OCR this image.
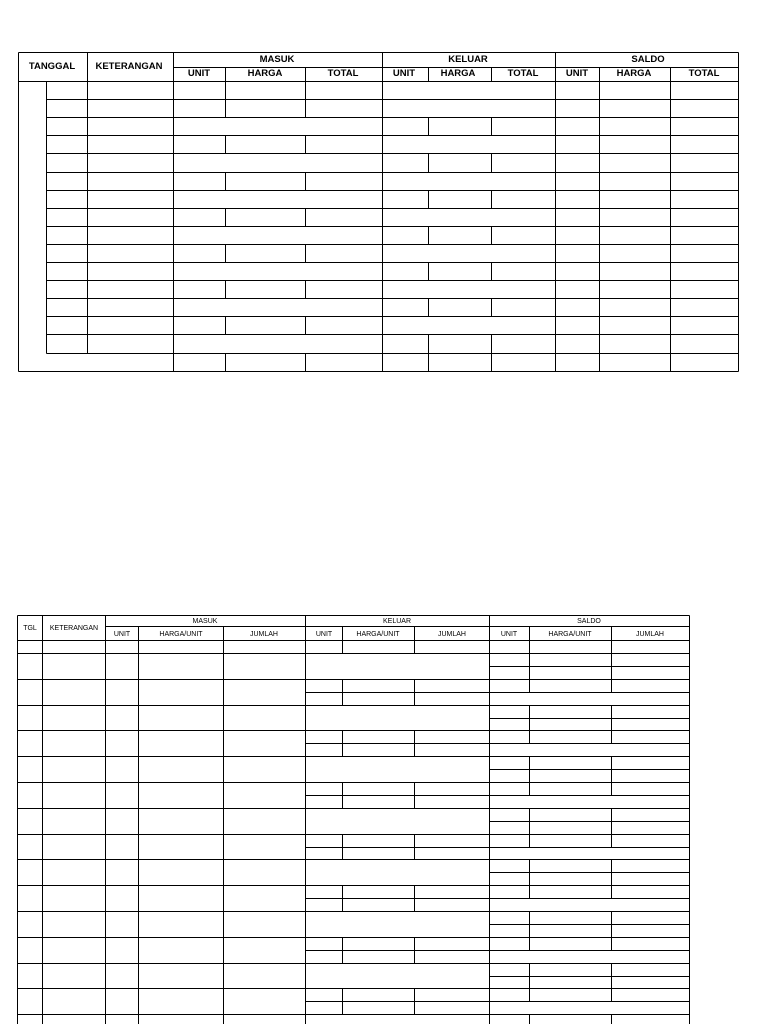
TANGGAL KETERANGAN
MASUK	KELUAR	SALDO
UNIT	HARGA	TOTAL	UNIT	HARGA	TOTAL	UNIT	HARGA	TOTAL
TGL KETERANGAN
MASUK	KELUAR	SALDO
UNIT	HARGA/UNIT	JUMLAH	UNIT	HARGA/UNIT	JUMLAH	UNIT	HARGA/UNIT	JUMLAH
